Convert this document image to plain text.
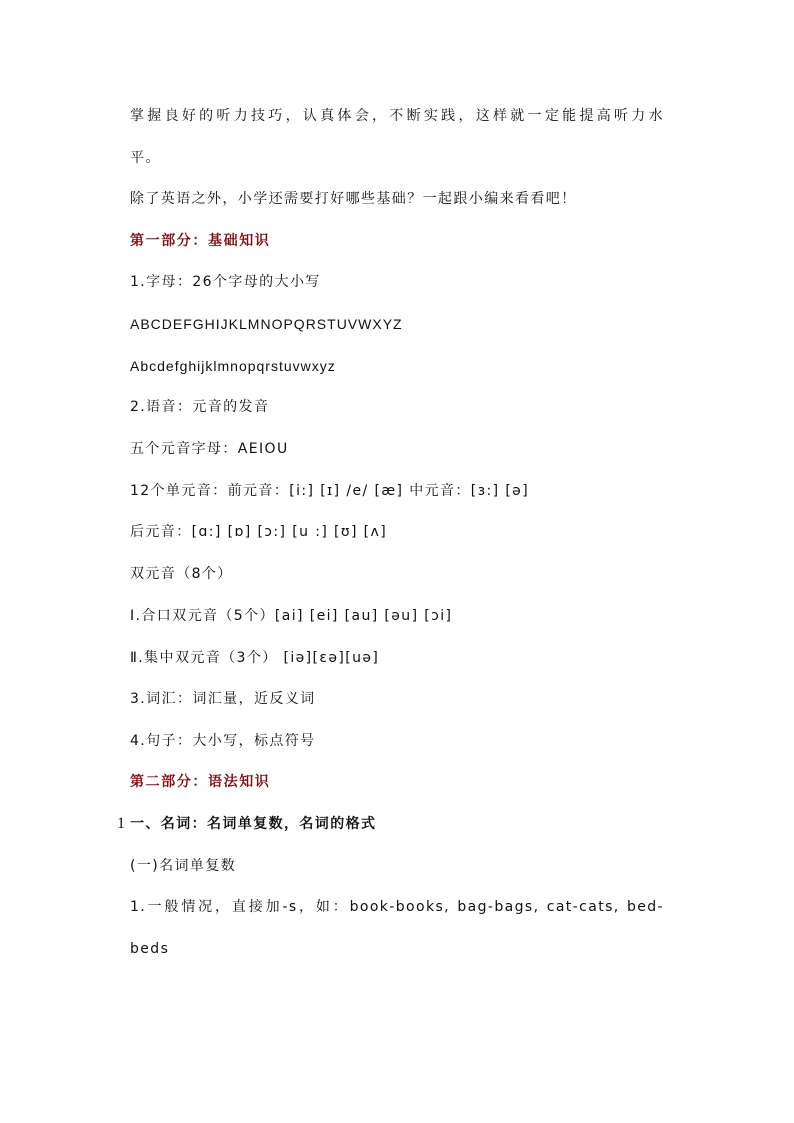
掌握良好的听力技巧，认真体会，不断实践，这样就一定能提高听力水
平。
除了英语之外，小学还需要打好哪些基础？一起跟小编来看看吧！
第一部分：基础知识
1.字母：26个字母的大小写
ABCDEFGHIJKLMNOPQRSTUVWXYZ
Abcdefghijklmnopqrstuvwxyz
2.语音：元音的发音
五个元音字母：AEIOU
12个单元音：前元音：[i:] [ɪ] /e/ [æ] 中元音：[ɜ:] [ə]
后元音：[ɑ:] [ɒ] [ɔ:] [u :] [ʊ] [ʌ]
双元音（8个）
Ⅰ.合口双元音（5个）[ai] [ei] [au] [əu] [ɔi]
Ⅱ.集中双元音（3个） [iə][ɛə][uə]
3.词汇：词汇量，近反义词
4.句子：大小写，标点符号
第二部分：语法知识
1 一、名词：名词单复数，名词的格式
(一)名词单复数
1.一般情况，直接加-s，如：book-books, bag-bags, cat-cats, bed-
beds
